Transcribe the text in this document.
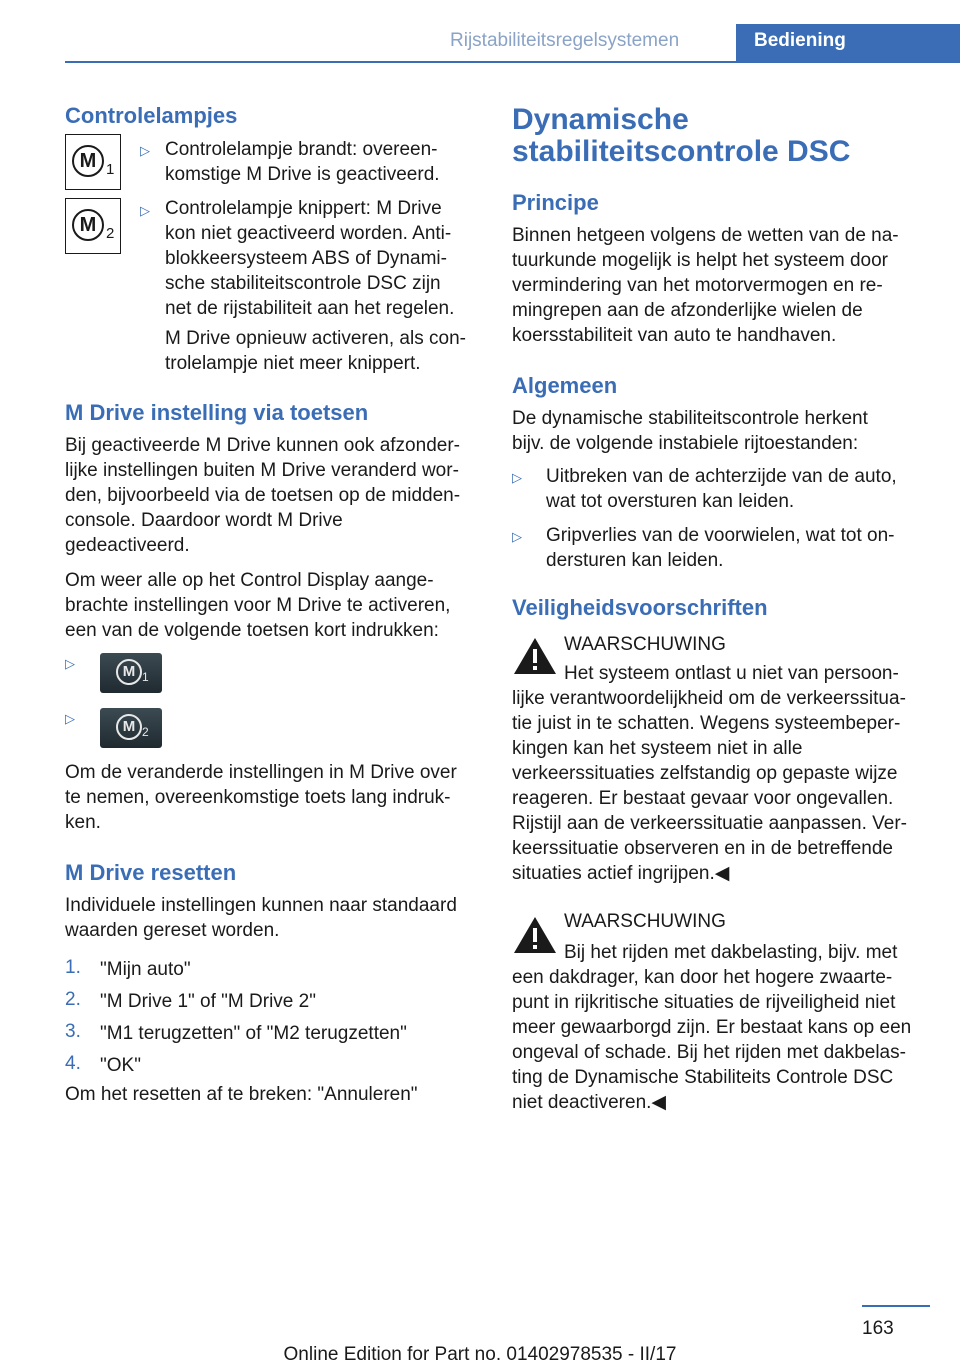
Rijstabiliteitsregelsystemen	Bediening
Controlelampjes
M 1
▷ Controlelampje brandt: overeen-
komstige M Drive is geactiveerd.
M 2
▷ Controlelampje knippert: M Drive
kon niet geactiveerd worden. Anti-
blokkeersysteem ABS of Dynami-
sche stabiliteitscontrole DSC zijn
net de rijstabiliteit aan het regelen.
M Drive opnieuw activeren, als con-
trolelampje niet meer knippert.
M Drive instelling via toetsen
Bij geactiveerde M Drive kunnen ook afzonder-
lijke instellingen buiten M Drive veranderd wor-
den, bijvoorbeeld via de toetsen op de midden-
console. Daardoor wordt M Drive
gedeactiveerd.
Om weer alle op het Control Display aange-
brachte instellingen voor M Drive te activeren,
een van de volgende toetsen kort indrukken:
▷	M 1
▷	M 2
Om de veranderde instellingen in M Drive over
te nemen, overeenkomstige toets lang indruk-
ken.
M Drive resetten
Individuele instellingen kunnen naar standaard
waarden gereset worden.
1. "Mijn auto"
2. "M Drive 1" of "M Drive 2"
3. "M1 terugzetten" of "M2 terugzetten"
4. "OK"
Om het resetten af te breken: "Annuleren"
Dynamische
stabiliteitscontrole DSC
Principe
Binnen hetgeen volgens de wetten van de na-
tuurkunde mogelijk is helpt het systeem door
vermindering van het motorvermogen en re-
mingrepen aan de afzonderlijke wielen de
koersstabiliteit van auto te handhaven.
Algemeen
De dynamische stabiliteitscontrole herkent
bijv. de volgende instabiele rijtoestanden:
▷ Uitbreken van de achterzijde van de auto,
wat tot oversturen kan leiden.
▷ Gripverlies van de voorwielen, wat tot on-
dersturen kan leiden.
Veiligheidsvoorschriften
WAARSCHUWING
Het systeem ontlast u niet van persoon-
lijke verantwoordelijkheid om de verkeerssitua-
tie juist in te schatten. Wegens systeembeper-
kingen kan het systeem niet in alle
verkeerssituaties zelfstandig op gepaste wijze
reageren. Er bestaat gevaar voor ongevallen.
Rijstijl aan de verkeerssituatie aanpassen. Ver-
keerssituatie observeren en in de betreffende
situaties actief ingrijpen.◀
WAARSCHUWING
Bij het rijden met dakbelasting, bijv. met
een dakdrager, kan door het hogere zwaarte-
punt in rijkritische situaties de rijveiligheid niet
meer gewaarborgd zijn. Er bestaat kans op een
ongeval of schade. Bij het rijden met dakbelas-
ting de Dynamische Stabiliteits Controle DSC
niet deactiveren.◀
163
Online Edition for Part no. 01402978535 - II/17
